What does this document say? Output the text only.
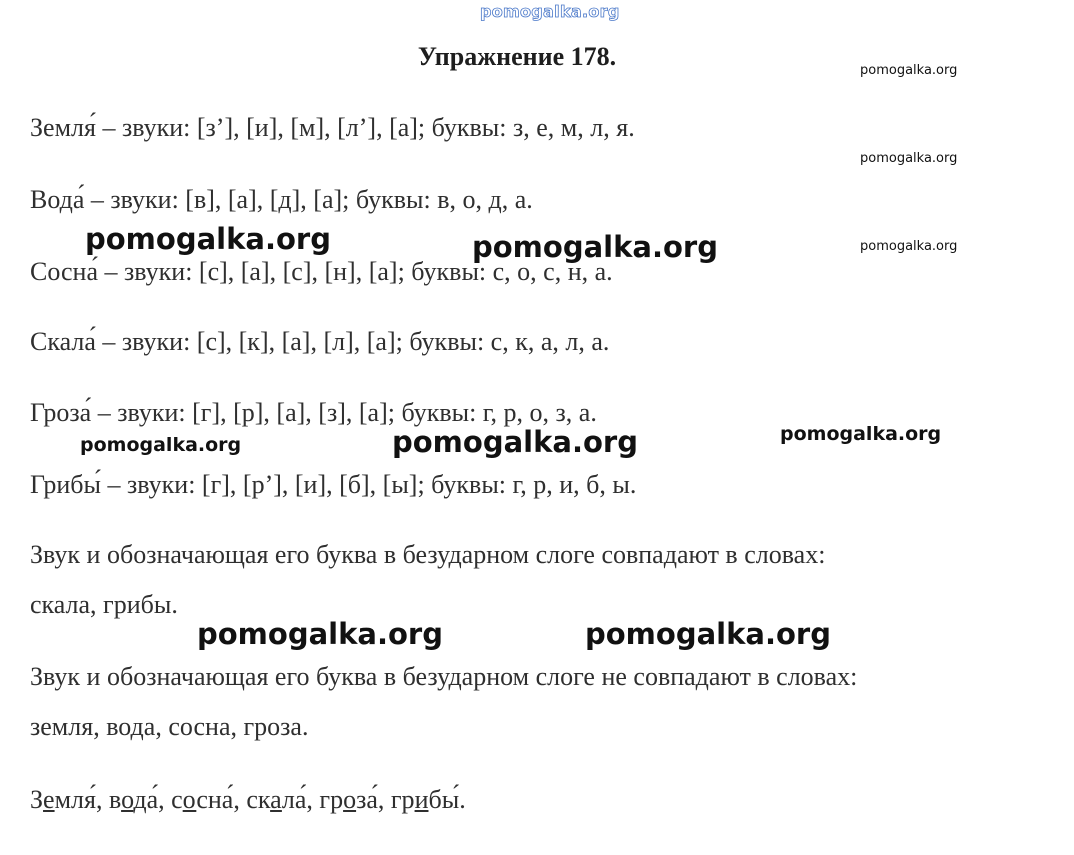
pomogalka.org
Упражнение 178.
Земля́ – звуки: [з’], [и], [м], [л’], [а]; буквы: з, е, м, л, я.
Вода́ – звуки: [в], [а], [д], [а]; буквы: в, о, д, а.
Сосна́ – звуки: [с], [а], [с], [н], [а]; буквы: с, о, с, н, а.
Скала́ – звуки: [с], [к], [а], [л], [а]; буквы: с, к, а, л, а.
Гроза́ – звуки: [г], [р], [а], [з], [а]; буквы: г, р, о, з, а.
Грибы́ – звуки: [г], [р’], [и], [б], [ы]; буквы: г, р, и, б, ы.
Звук и обозначающая его буква в безударном слоге совпадают в словах:
скала, грибы.
Звук и обозначающая его буква в безударном слоге не совпадают в словах:
земля, вода, сосна, гроза.
Земля́, вода́, сосна́, скала́, гроза́, грибы́.
pomogalka.org
pomogalka.org
pomogalka.org
pomogalka.org	pomogalka.org
pomogalka.org	pomogalka.org	pomogalka.org
pomogalka.org	pomogalka.org
